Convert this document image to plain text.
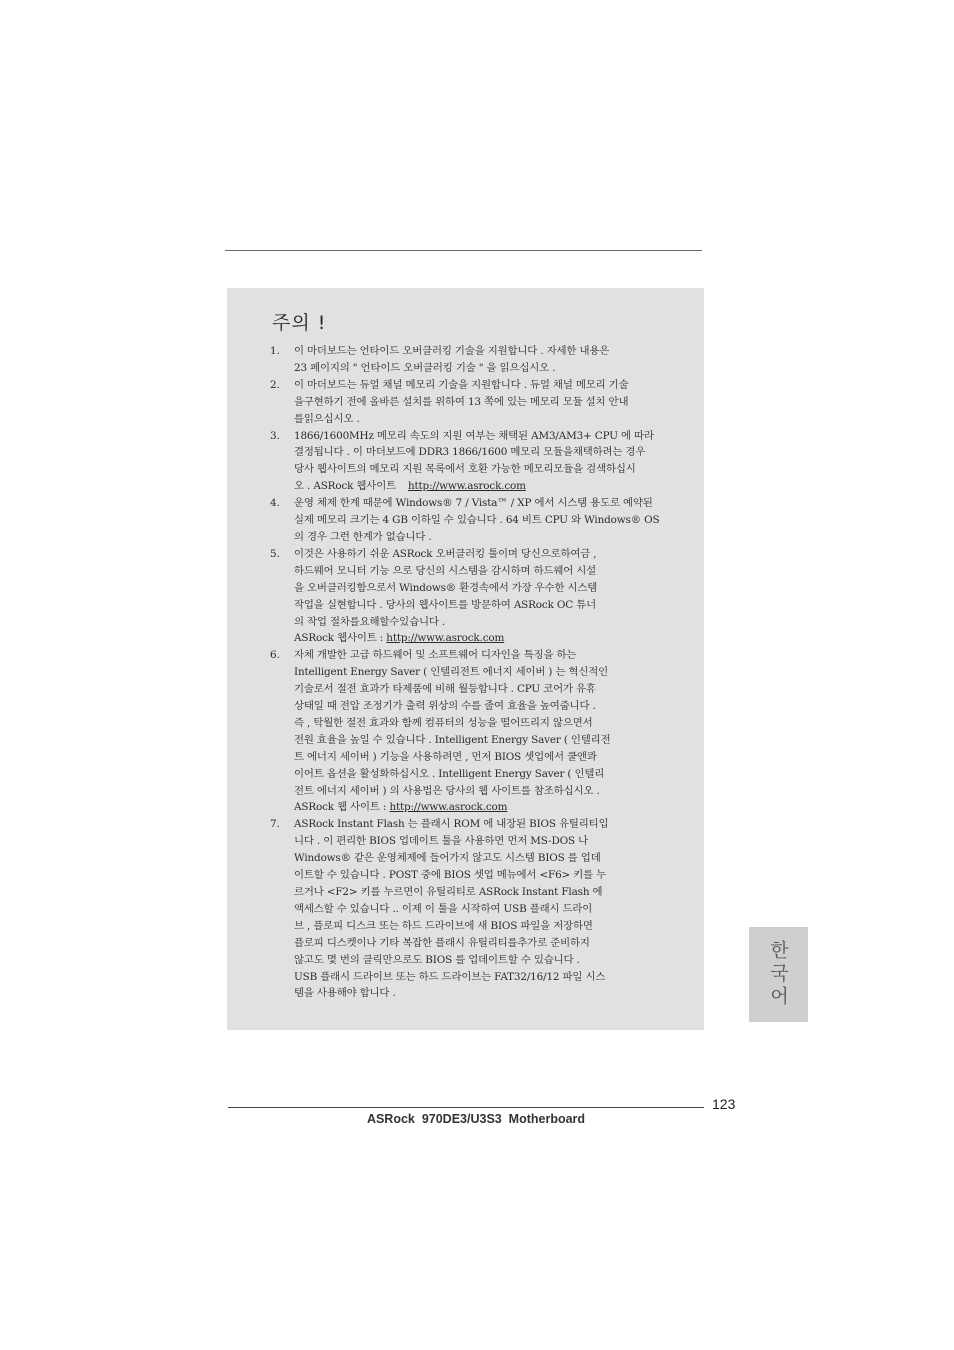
주의 !
1. 이 마더보드는 언타이드 오버클러킹 기술을 지원합니다 . 자세한 내용은
23 페이지의 " 언타이드 오버클러킹 기술 " 을 읽으십시오 .
2. 이 마더보드는 듀얼 채널 메모리 기술을 지원합니다 . 듀얼 채널 메모리 기술
을구현하기 전에 올바른 설치를 위하여 13 쪽에 있는 메모리 모듈 설치 안내
를읽으십시오 .
3. 1866/1600MHz 메모리 속도의 지원 여부는 채택된 AM3/AM3+ CPU 에 따라
결정됩니다 . 이 마더보드에 DDR3 1866/1600 메모리 모듈을채택하려는 경우
당사 웹사이트의 메모리 지원 목록에서 호환 가능한 메모리모듈을 검색하십시
오 . ASRock 웹사이트 http://www.asrock.com
4. 운영 체제 한계 때문에 Windows® 7 / Vista™ / XP 에서 시스템 용도로 예약된
실제 메모리 크기는 4 GB 이하일 수 있습니다 . 64 비트 CPU 와 Windows® OS
의 경우 그런 한계가 없습니다 .
5. 이것은 사용하기 쉬운 ASRock 오버클러킹 툴이며 당신으로하여금 ,
하드웨어 모니터 기능 으로 당신의 시스템을 감시하며 하드웨어 시설
을 오버클러킹함으로서 Windows® 환경속에서 가장 우수한 시스템
작업을 실현합니다 . 당사의 웹사이트를 방문하여 ASRock OC 튜너
의 작업 절차를요해할수있습니다 .
ASRock 웹사이트 : http://www.asrock.com
6. 자체 개발한 고급 하드웨어 및 소프트웨어 디자인을 특징을 하는
Intelligent Energy Saver ( 인텔리전트 에너지 세이버 ) 는 혁신적인
기술로서 절전 효과가 타제품에 비해 월등합니다 . CPU 코어가 유휴
상태일 때 전압 조정기가 출력 위상의 수를 줄여 효율을 높여줍니다 .
즉 , 탁월한 절전 효과와 함께 컴퓨터의 성능을 떨어뜨리지 않으면서
전원 효율을 높일 수 있습니다 . Intelligent Energy Saver ( 인텔리전
트 에너지 세이버 ) 기능을 사용하려면 , 먼저 BIOS 셋업에서 쿨앤콰
이어트 옵션을 활성화하십시오 . Intelligent Energy Saver ( 인텔리
전트 에너지 세이버 ) 의 사용법은 당사의 웹 사이트를 참조하십시오 .
ASRock 웹 사이트 : http://www.asrock.com
7. ASRock Instant Flash 는 플래시 ROM 에 내장된 BIOS 유틸리티입
니다 . 이 편리한 BIOS 업데이트 툴을 사용하면 먼저 MS-DOS 나
Windows® 같은 운영체제에 들어가지 않고도 시스템 BIOS 를 업데
이트할 수 있습니다 . POST 중에 BIOS 셋업 메뉴에서 <F6> 키를 누
르거나 <F2> 키를 누르면이 유틸리티로 ASRock Instant Flash 에
액세스할 수 있습니다 .. 이제 이 툴을 시작하여 USB 플래시 드라이
브 , 플로피 디스크 또는 하드 드라이브에 새 BIOS 파일을 저장하면
플로피 디스켓이나 기타 복잡한 플래시 유틸리티를추가로 준비하지
않고도 몇 번의 클릭만으로도 BIOS 를 업데이트할 수 있습니다 .
USB 플래시 드라이브 또는 하드 드라이브는 FAT32/16/12 파일 시스
템을 사용해야 합니다 .	한국어
123
ASRock  970DE3/U3S3  Motherboard
